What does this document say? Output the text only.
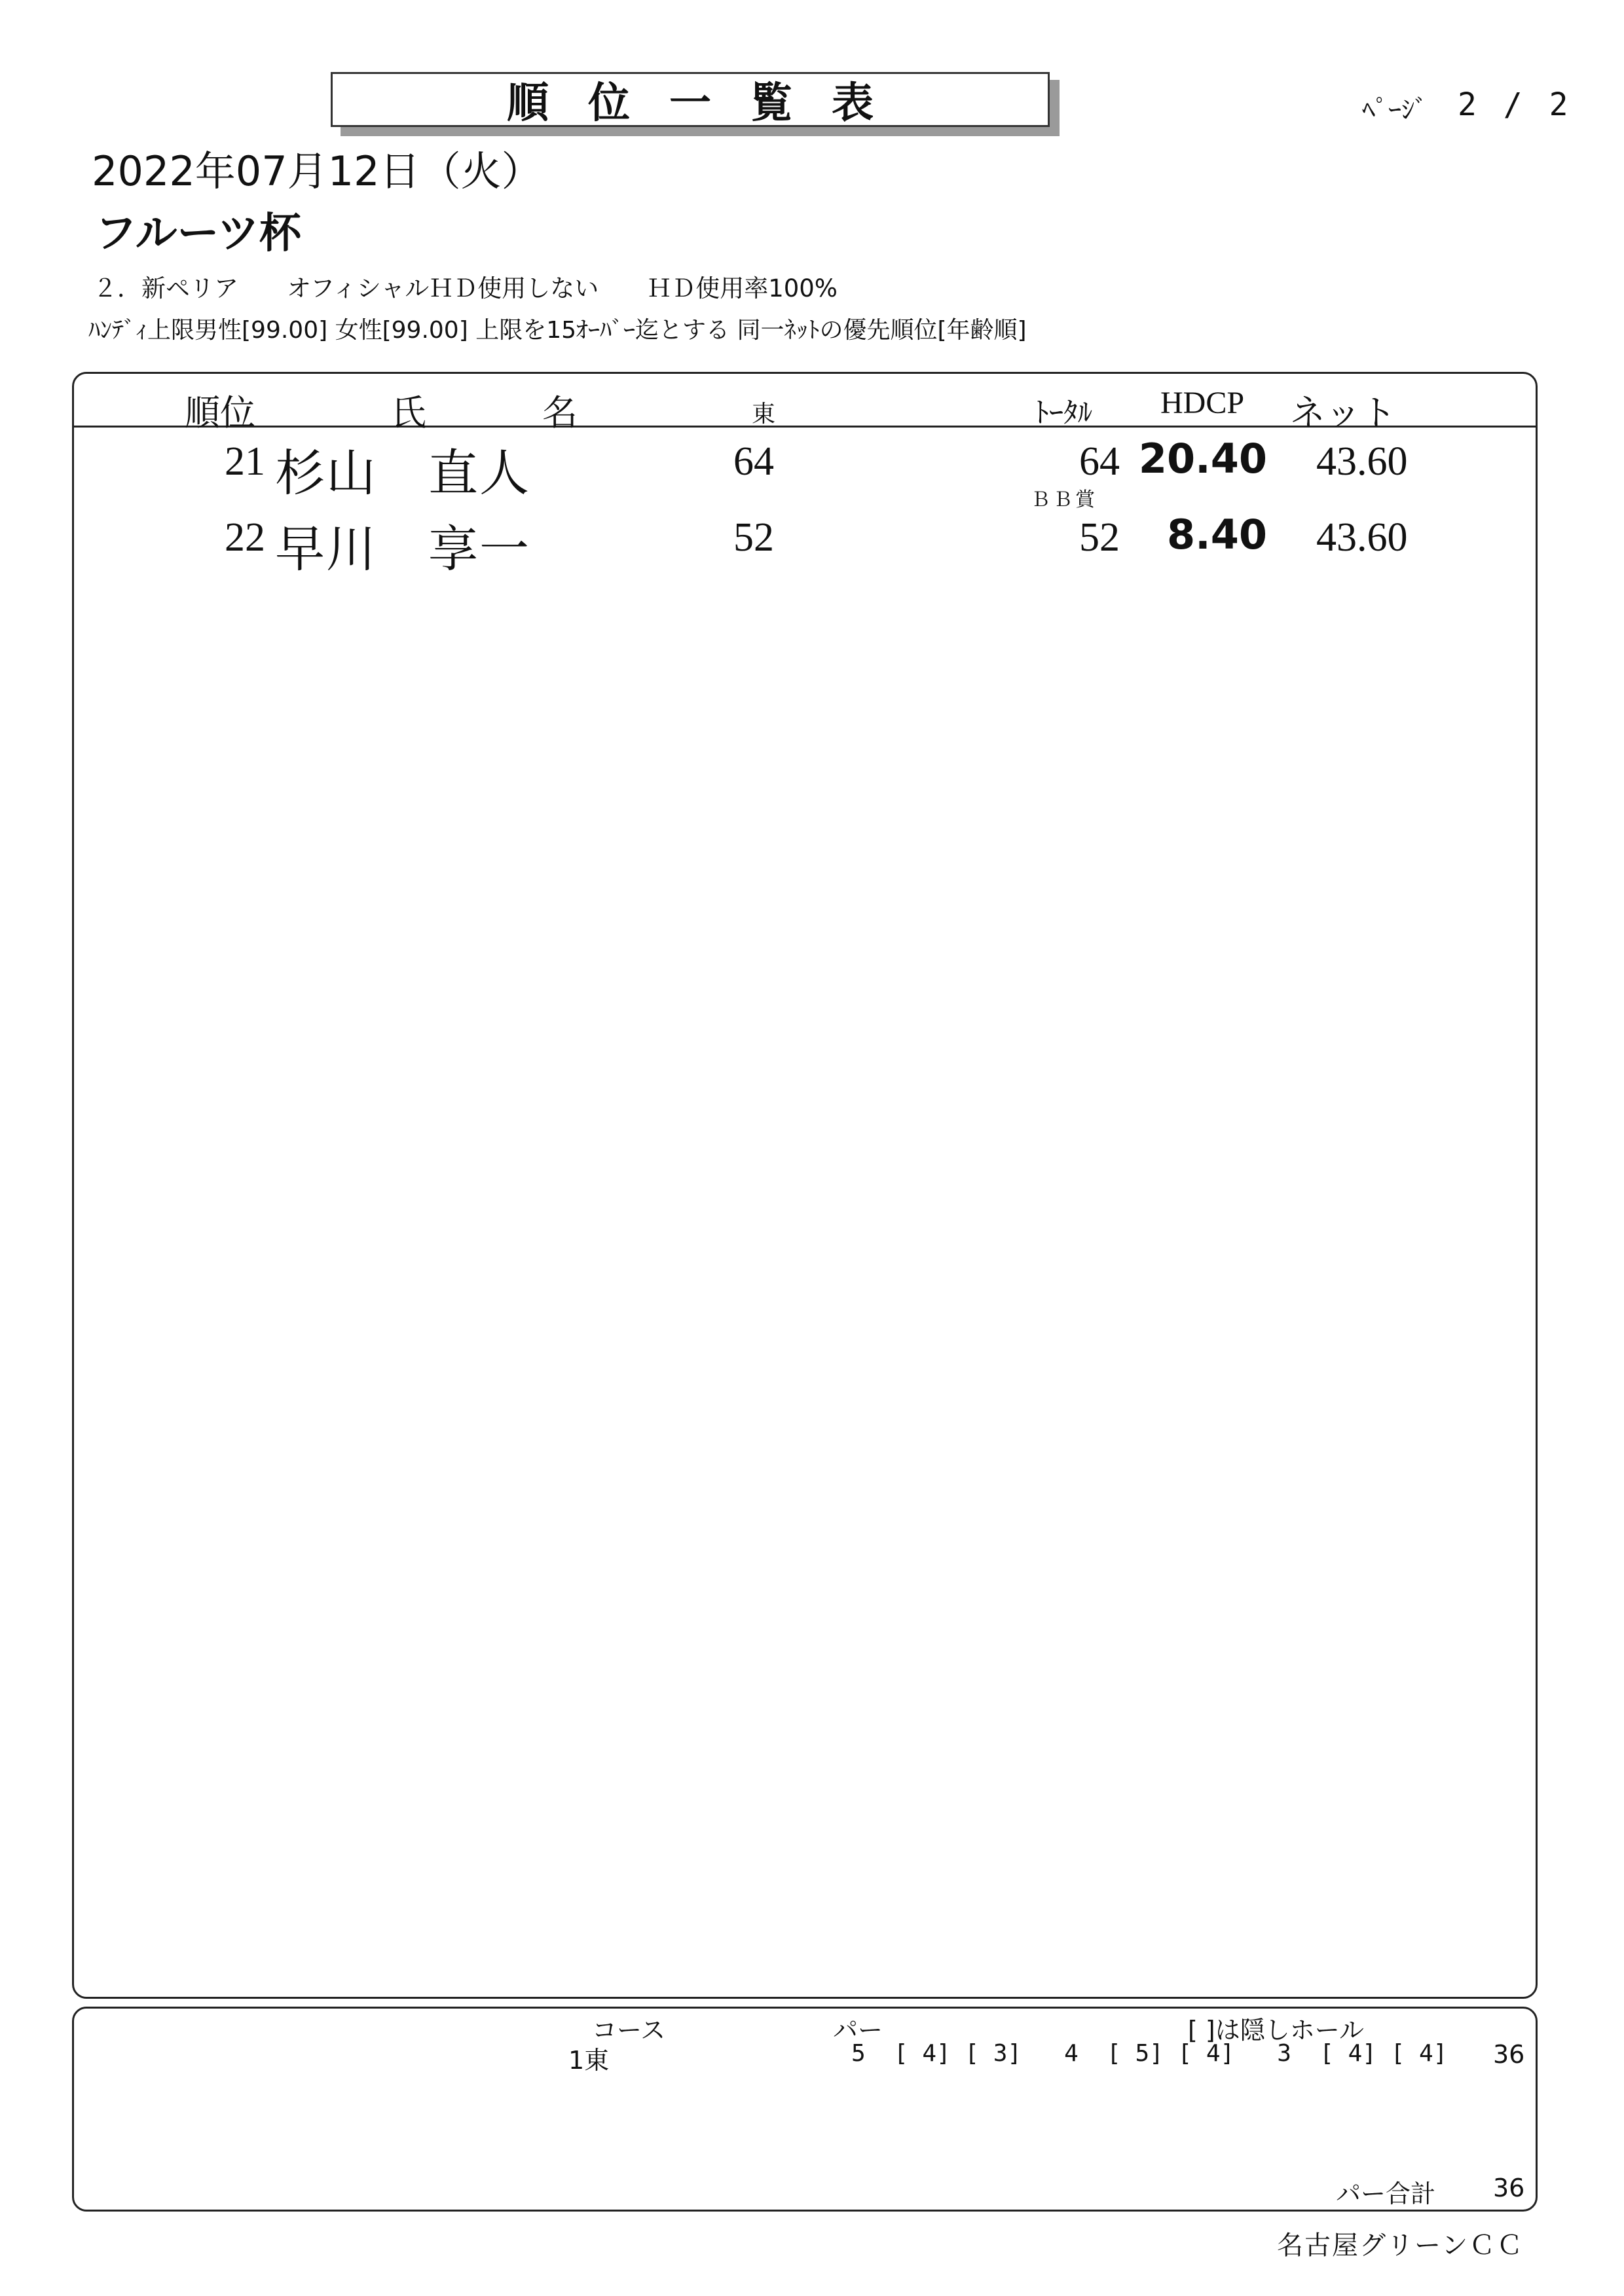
順位一覧表	ﾍﾟｰｼﾞ 2 / 2
2022年07月12日（火）
フルーツ杯
２．新ペリア　　オフィシャルＨＤ使用しない　　ＨＤ使用率100%
ﾊﾝﾃﾞｨ上限男性[99.00] 女性[99.00] 上限を15ｵｰﾊﾞｰ迄とする 同一ﾈｯﾄの優先順位[年齢順]
順位	氏	名	東	ﾄｰﾀﾙ HDCP ネット
21 杉山　直人	64	64 20.40 43.60
ＢＢ賞
22 早川　享一	52	52	8.40 43.60
コース	パー	[ ]は隠しホール
1東	5  [ 4] [ 3]   4  [ 5] [ 4]   3  [ 4] [ 4] 36
パー合計 36
名古屋グリーンＣＣ
